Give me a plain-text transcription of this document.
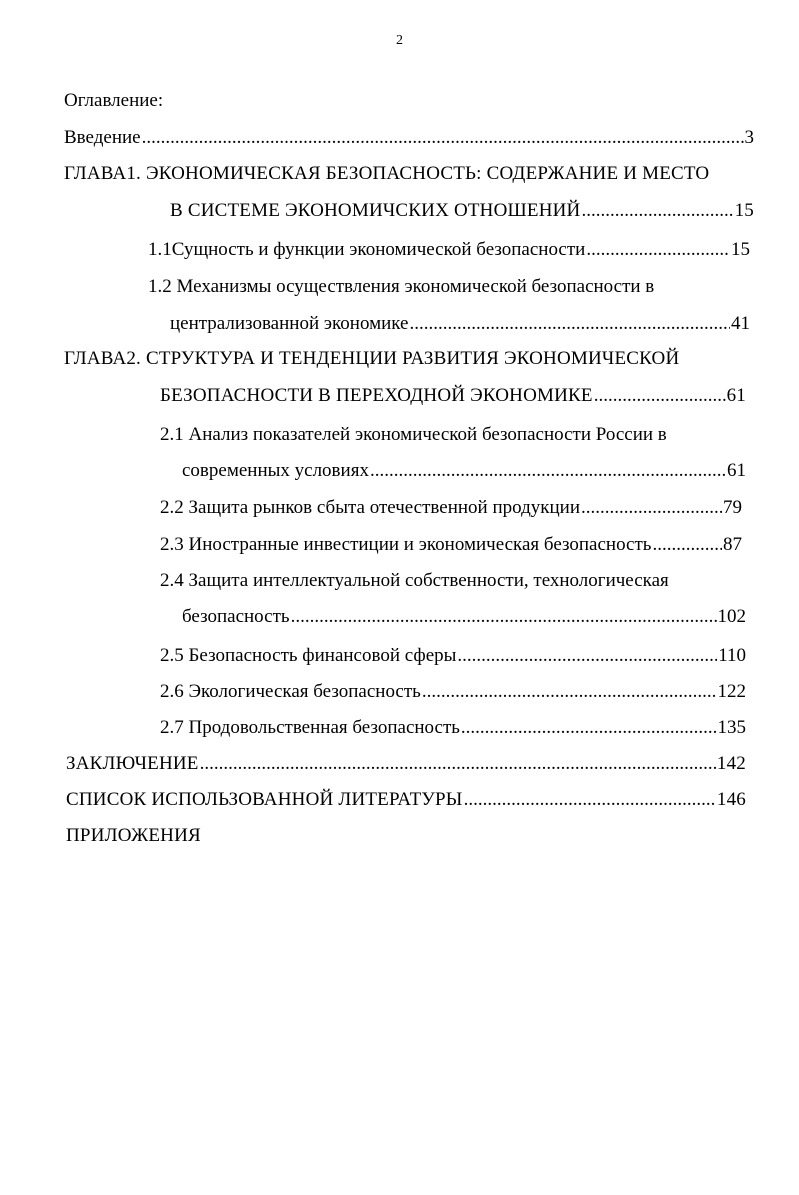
2
Оглавление:
Введение .....	3
ГЛАВА1. ЭКОНОМИЧЕСКАЯ БЕЗОПАСНОСТЬ: СОДЕРЖАНИЕ И МЕСТО
В СИСТЕМЕ ЭКОНОМИЧСКИХ ОТНОШЕНИЙ .....	15
1.1Сущность и функции экономической безопасности .....	15
1.2 Механизмы осуществления экономической безопасности в
централизованной экономике .....	41
ГЛАВА2. СТРУКТУРА И ТЕНДЕНЦИИ РАЗВИТИЯ ЭКОНОМИЧЕСКОЙ
БЕЗОПАСНОСТИ В ПЕРЕХОДНОЙ ЭКОНОМИКЕ .....	61
2.1 Анализ показателей экономической безопасности России в
современных условиях .....	61
2.2 Защита рынков сбыта отечественной продукции .....	79
2.3 Иностранные инвестиции и экономическая безопасность .....	87
2.4 Защита интеллектуальной собственности, технологическая
безопасность .....	102
2.5 Безопасность финансовой сферы .....	110
2.6 Экологическая безопасность .....	122
2.7 Продовольственная безопасность .....	135
ЗАКЛЮЧЕНИЕ .....	142
СПИСОК ИСПОЛЬЗОВАННОЙ ЛИТЕРАТУРЫ .....	146
ПРИЛОЖЕНИЯ
